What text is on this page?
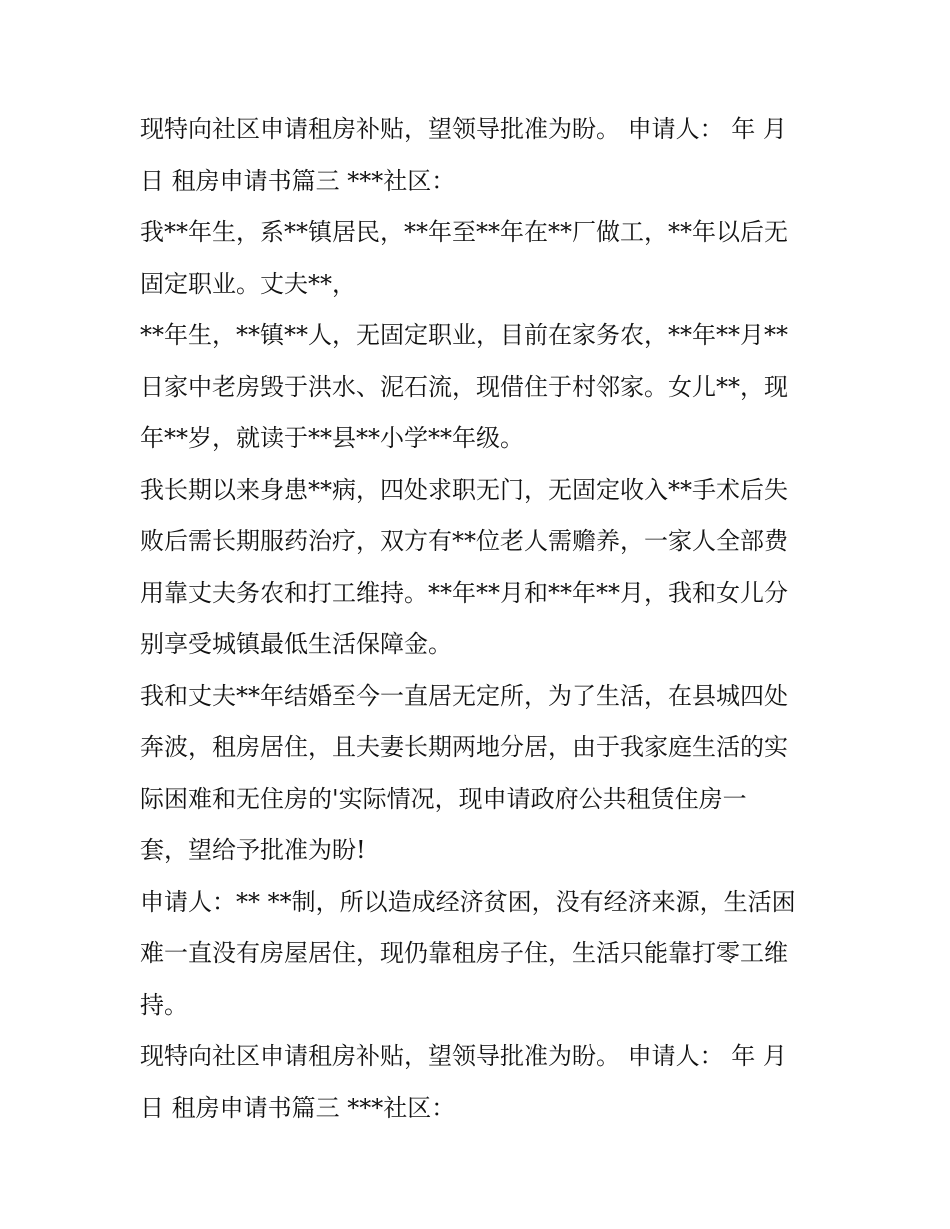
现特向社区申请租房补贴，望领导批准为盼。 申请人： 年 月
日 租房申请书篇三 ***社区：
我**年生，系**镇居民，**年至**年在**厂做工，**年以后无
固定职业。丈夫**，
**年生，**镇**人，无固定职业，目前在家务农，**年**月**
日家中老房毁于洪水、泥石流，现借住于村邻家。女儿**，现
年**岁，就读于**县**小学**年级。
我长期以来身患**病，四处求职无门，无固定收入**手术后失
败后需长期服药治疗，双方有**位老人需赡养，一家人全部费
用靠丈夫务农和打工维持。**年**月和**年**月，我和女儿分
别享受城镇最低生活保障金。
我和丈夫**年结婚至今一直居无定所，为了生活，在县城四处
奔波，租房居住，且夫妻长期两地分居，由于我家庭生活的实
际困难和无住房的'实际情况，现申请政府公共租赁住房一
套，望给予批准为盼!
申请人：** **制，所以造成经济贫困，没有经济来源，生活困
难一直没有房屋居住，现仍靠租房子住，生活只能靠打零工维
持。
现特向社区申请租房补贴，望领导批准为盼。 申请人： 年 月
日 租房申请书篇三 ***社区：
